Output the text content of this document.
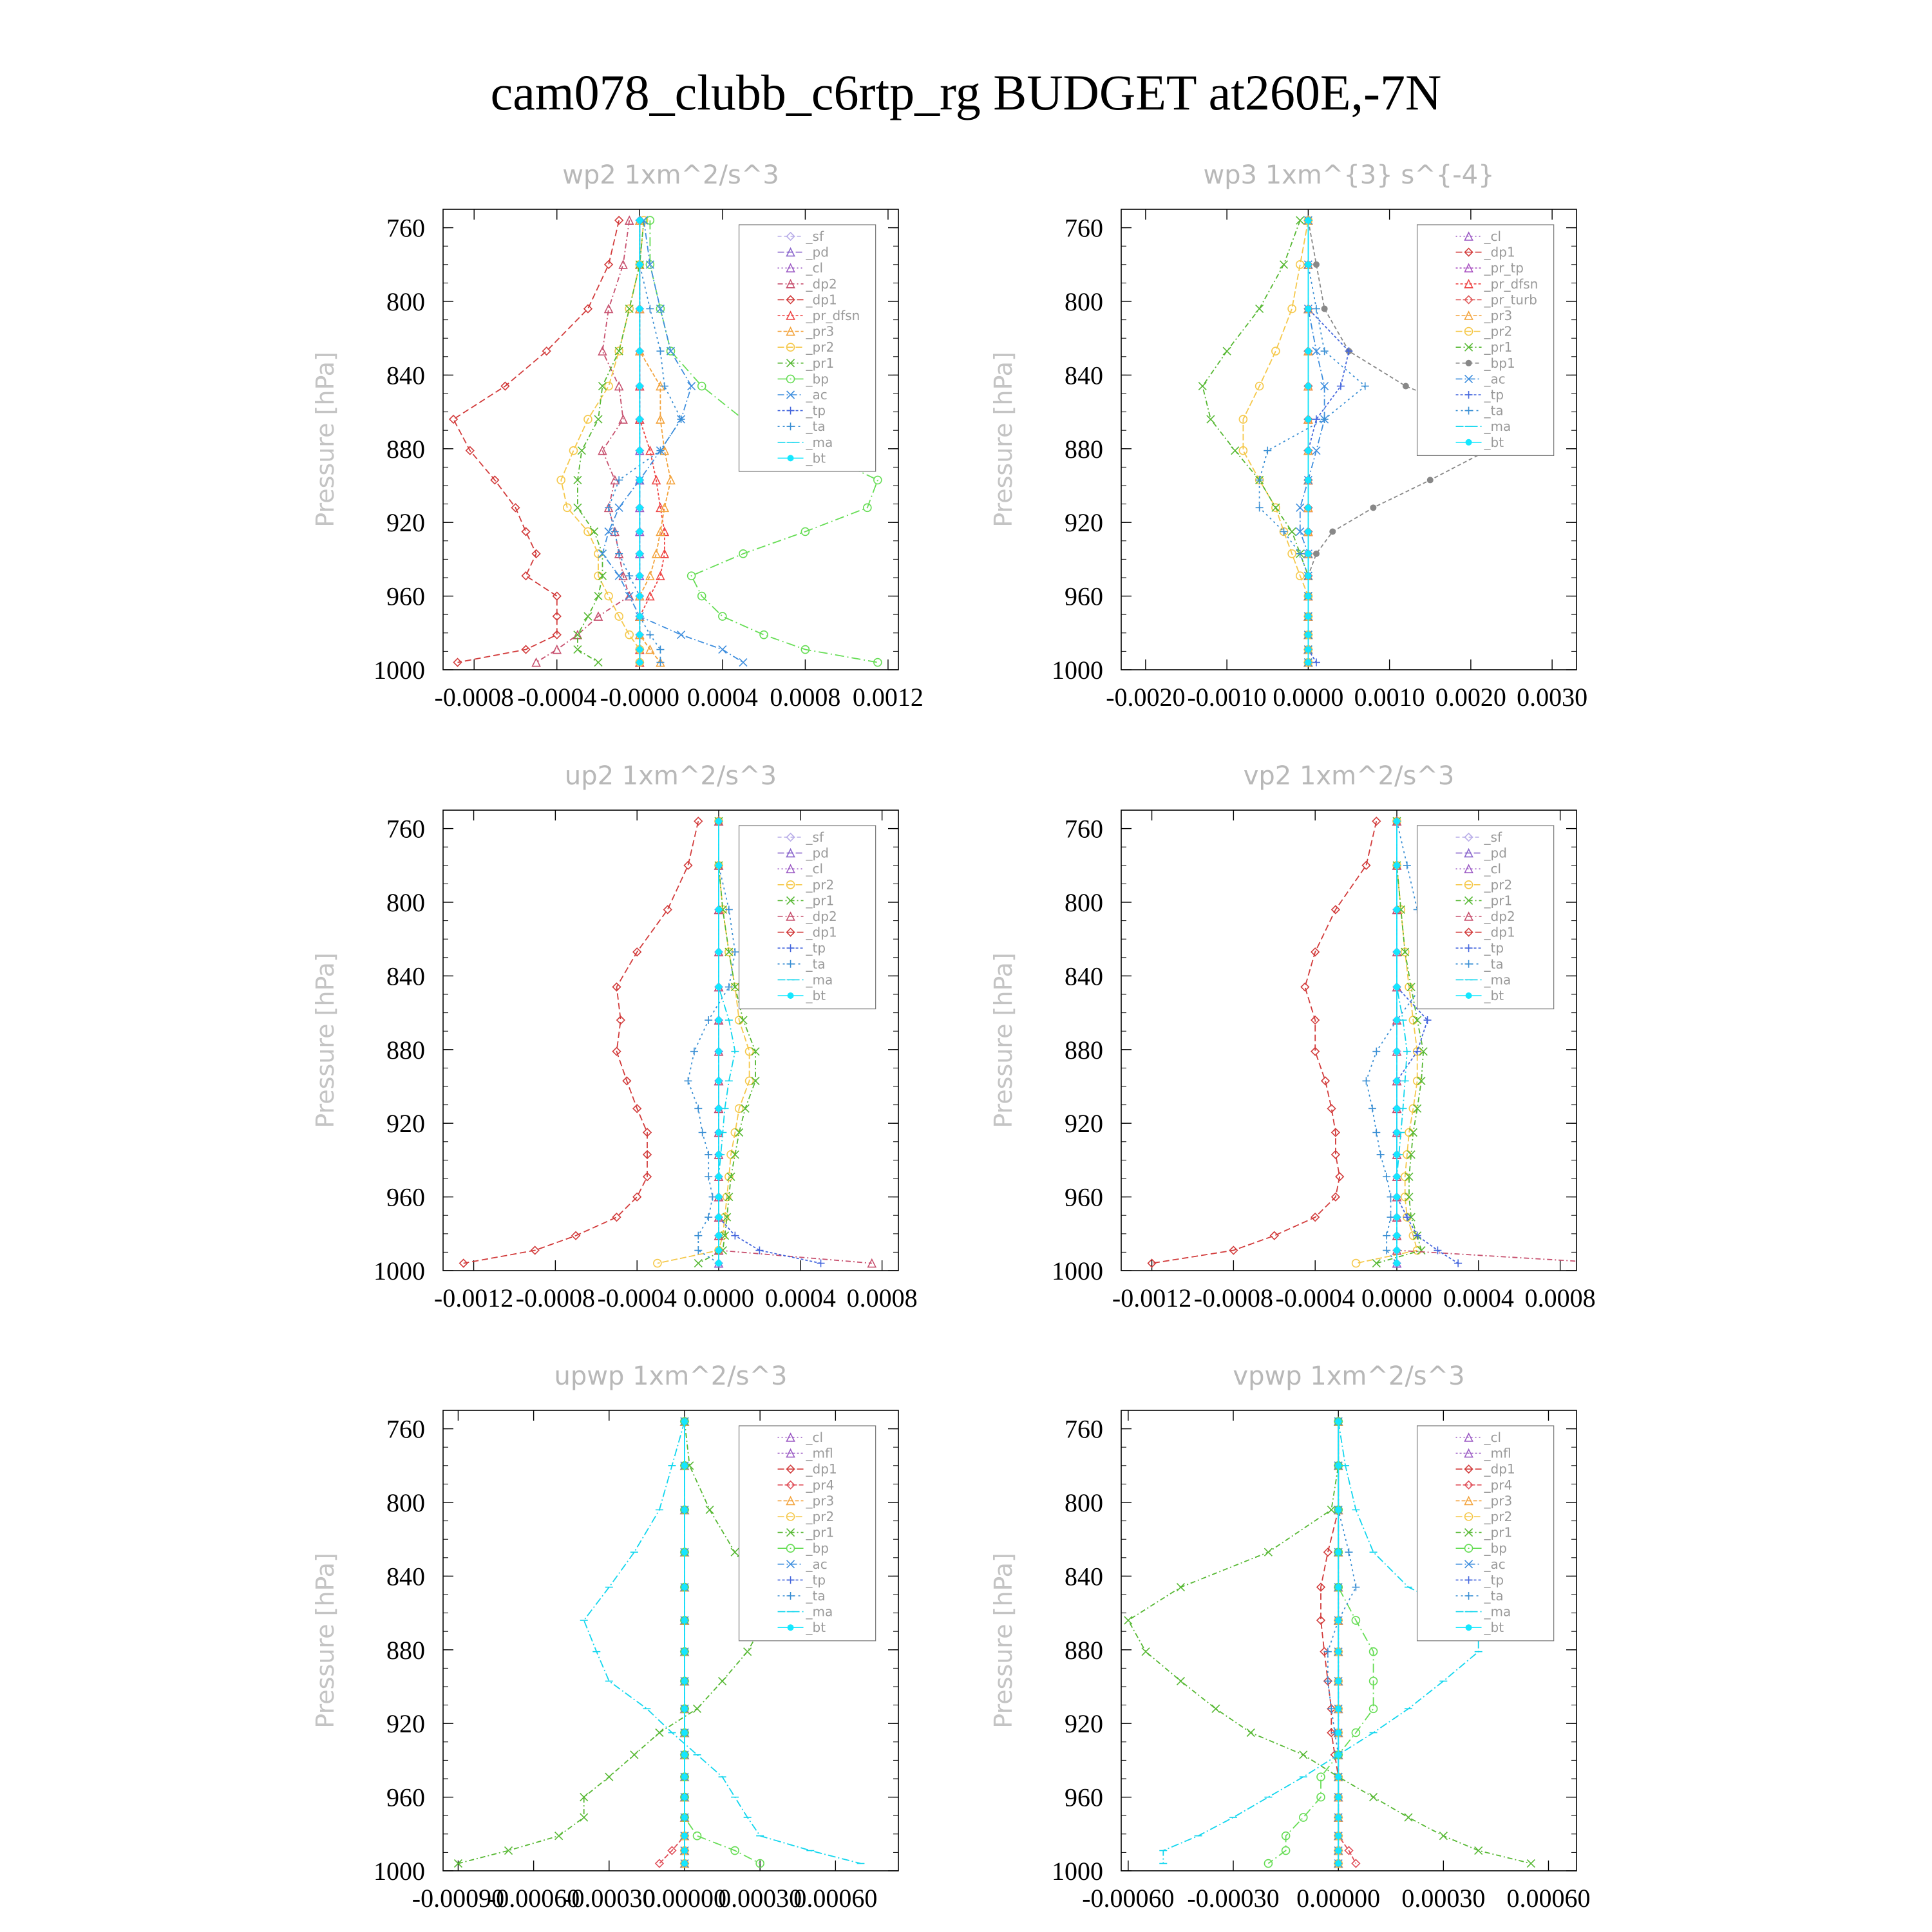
cam078_clubb_c6rtp_rg BUDGET at260E,-7N
wp2 1xm^2/s^3
Pressure [hPa]
760
800
840
880
920
960
1000
-0.0008 -0.0004 -0.0000 0.0004 0.0008 0.0012
_sf
_pd
_cl
_dp2
_dp1
_pr_dfsn
_pr3
_pr2
_pr1
_bp
_ac
_tp
_ta
_ma
_bt
wp3 1xm^{3} s^{-4}
Pressure [hPa]
760
800
840
880
920
960
1000
-0.0020 -0.0010 0.0000 0.0010 0.0020 0.0030
_cl
_dp1
_pr_tp
_pr_dfsn
_pr_turb
_pr3
_pr2
_pr1
_bp1
_ac
_tp
_ta
_ma
_bt
up2 1xm^2/s^3
Pressure [hPa]
760
800
840
880
920
960
1000
-0.0012 -0.0008 -0.0004 0.0000 0.0004 0.0008
_sf
_pd
_cl
_pr2
_pr1
_dp2
_dp1
_tp
_ta
_ma
_bt
vp2 1xm^2/s^3
Pressure [hPa]
760
800
840
880
920
960
1000
-0.0012 -0.0008 -0.0004 0.0000 0.0004 0.0008
_sf
_pd
_cl
_pr2
_pr1
_dp2
_dp1
_tp
_ta
_ma
_bt
upwp 1xm^2/s^3
Pressure [hPa]
760
800
840
880
920
960
1000
-0.00090
-0.00060
-0.00030
0.00000
0.00030
0.00060
_cl
_mfl
_dp1
_pr4
_pr3
_pr2
_pr1
_bp
_ac
_tp
_ta
_ma
_bt
vpwp 1xm^2/s^3
Pressure [hPa]
760
800
840
880
920
960
1000
-0.00060 -0.00030 0.00000 0.00030 0.00060
_cl
_mfl
_dp1
_pr4
_pr3
_pr2
_pr1
_bp
_ac
_tp
_ta
_ma
_bt
